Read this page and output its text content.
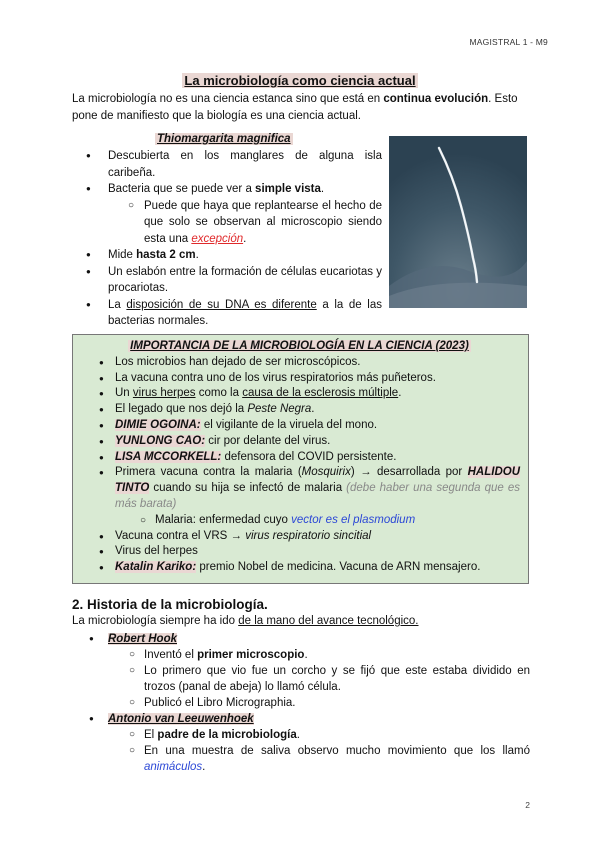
MAGISTRAL 1 - M9
La microbiología como ciencia actual
La microbiología no es una ciencia estanca sino que está en continua evolución. Esto pone de manifiesto que la biología es una ciencia actual.
Thiomargarita magnifica
● Descubierta en los manglares de alguna isla caribeña.
● Bacteria que se puede ver a simple vista.
○ Puede que haya que replantearse el hecho de que solo se observan al microscopio siendo esta una excepción.
● Mide hasta 2 cm.
● Un eslabón entre la formación de células eucariotas y procariotas.
● La disposición de su DNA es diferente a la de las bacterias normales.
IMPORTANCIA DE LA MICROBIOLOGÍA EN LA CIENCIA (2023)
● Los microbios han dejado de ser microscópicos.
● La vacuna contra uno de los virus respiratorios más puñeteros.
● Un virus herpes como la causa de la esclerosis múltiple.
● El legado que nos dejó la Peste Negra.
● DIMIE OGOINA: el vigilante de la viruela del mono.
● YUNLONG CAO: cir por delante del virus.
● LISA MCCORKELL: defensora del COVID persistente.
● Primera vacuna contra la malaria (Mosquirix) → desarrollada por HALIDOU TINTO cuando su hija se infectó de malaria (debe haber una segunda que es más barata)
○ Malaria: enfermedad cuyo vector es el plasmodium
● Vacuna contra el VRS → virus respiratorio sincitial
● Virus del herpes
● Katalin Kariko: premio Nobel de medicina. Vacuna de ARN mensajero.
2. Historia de la microbiología.
La microbiología siempre ha ido de la mano del avance tecnológico.
● Robert Hook
○ Inventó el primer microscopio.
○ Lo primero que vio fue un corcho y se fijó que este estaba dividido en trozos (panal de abeja) lo llamó célula.
○ Publicó el Libro Micrographia.
● Antonio van Leeuwenhoek
○ El padre de la microbiología.
○ En una muestra de saliva observo mucho movimiento que los llamó animáculos.
2
